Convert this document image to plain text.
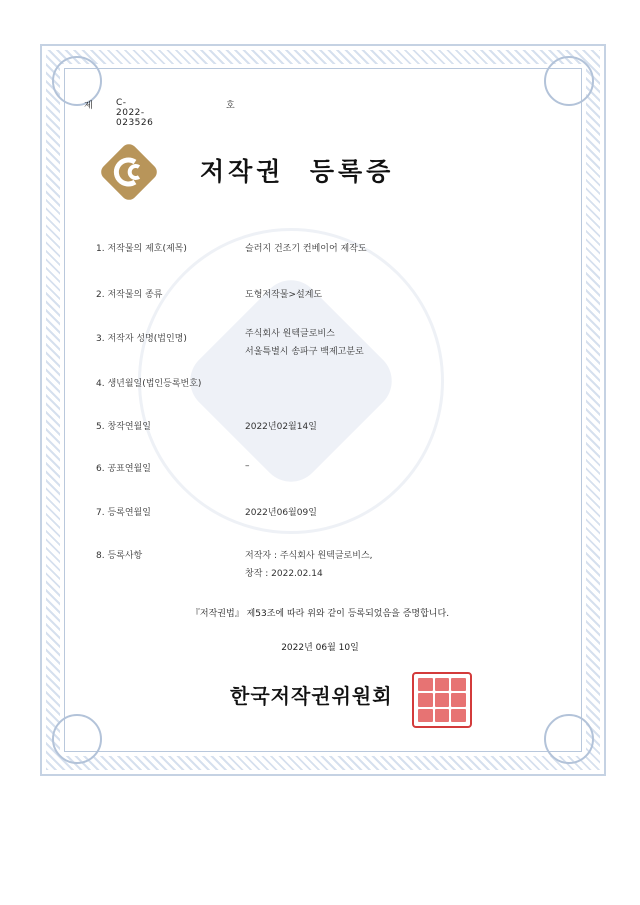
제	C-2022-023526
호
저작권  등록증
1. 저작물의 제호(제목)	슬러지 건조기 컨베이어 제작도
2. 저작물의 종류	도형저작물>설계도
3. 저작자 성명(법인명)	주식회사 원텍글로비스
서울특별시 송파구 백제고분로
4. 생년월일(법인등록번호)
5. 창작연월일	2022년02월14일
6. 공표연월일	–
7. 등록연월일	2022년06월09일
8. 등록사항	저작자 : 주식회사 원텍글로비스,
창작 : 2022.02.14
『저작권법』 제53조에 따라 위와 같이 등록되었음을 증명합니다.
2022년 06월 10일
한국저작권위원회
